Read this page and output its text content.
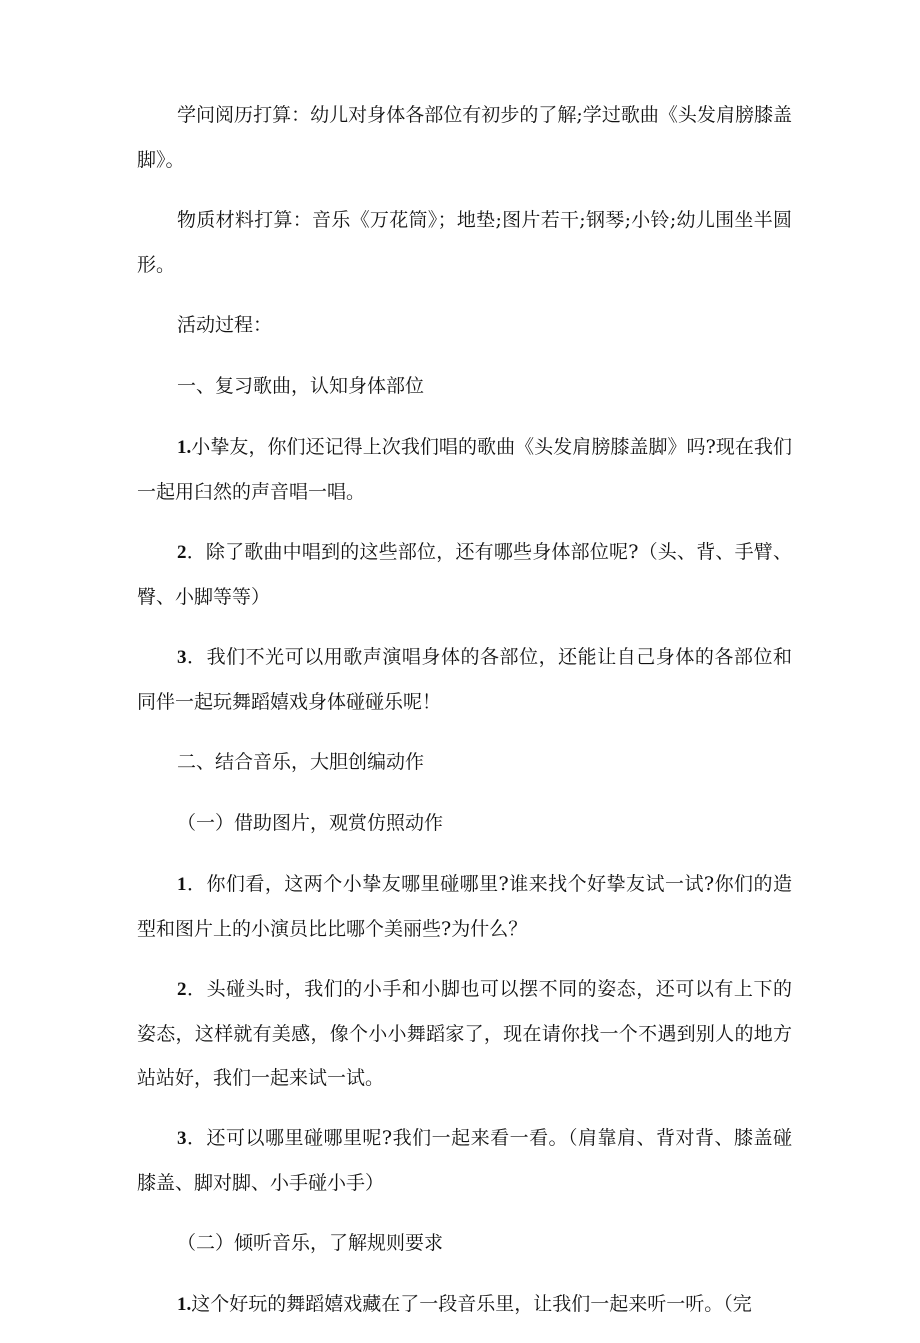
学问阅历打算：幼儿对身体各部位有初步的了解;学过歌曲《头发肩膀膝盖脚》。

物质材料打算：音乐《万花筒》；地垫;图片若干;钢琴;小铃;幼儿围坐半圆形。

活动过程：

一、复习歌曲，认知身体部位

1.小挚友，你们还记得上次我们唱的歌曲《头发肩膀膝盖脚》吗?现在我们一起用臼然的声音唱一唱。

2．除了歌曲中唱到的这些部位，还有哪些身体部位呢?（头、背、手臂、臀、小脚等等）

3．我们不光可以用歌声演唱身体的各部位，还能让自己身体的各部位和同伴一起玩舞蹈嬉戏身体碰碰乐呢！

二、结合音乐，大胆创编动作

（一）借助图片，观赏仿照动作

1．你们看，这两个小挚友哪里碰哪里?谁来找个好挚友试一试?你们的造型和图片上的小演员比比哪个美丽些?为什么？

2．头碰头时，我们的小手和小脚也可以摆不同的姿态，还可以有上下的姿态，这样就有美感，像个小小舞蹈家了，现在请你找一个不遇到别人的地方站站好，我们一起来试一试。

3．还可以哪里碰哪里呢?我们一起来看一看。（肩靠肩、背对背、膝盖碰膝盖、脚对脚、小手碰小手）

（二）倾听音乐，了解规则要求

1.这个好玩的舞蹈嬉戏藏在了一段音乐里，让我们一起来听一听。（完
